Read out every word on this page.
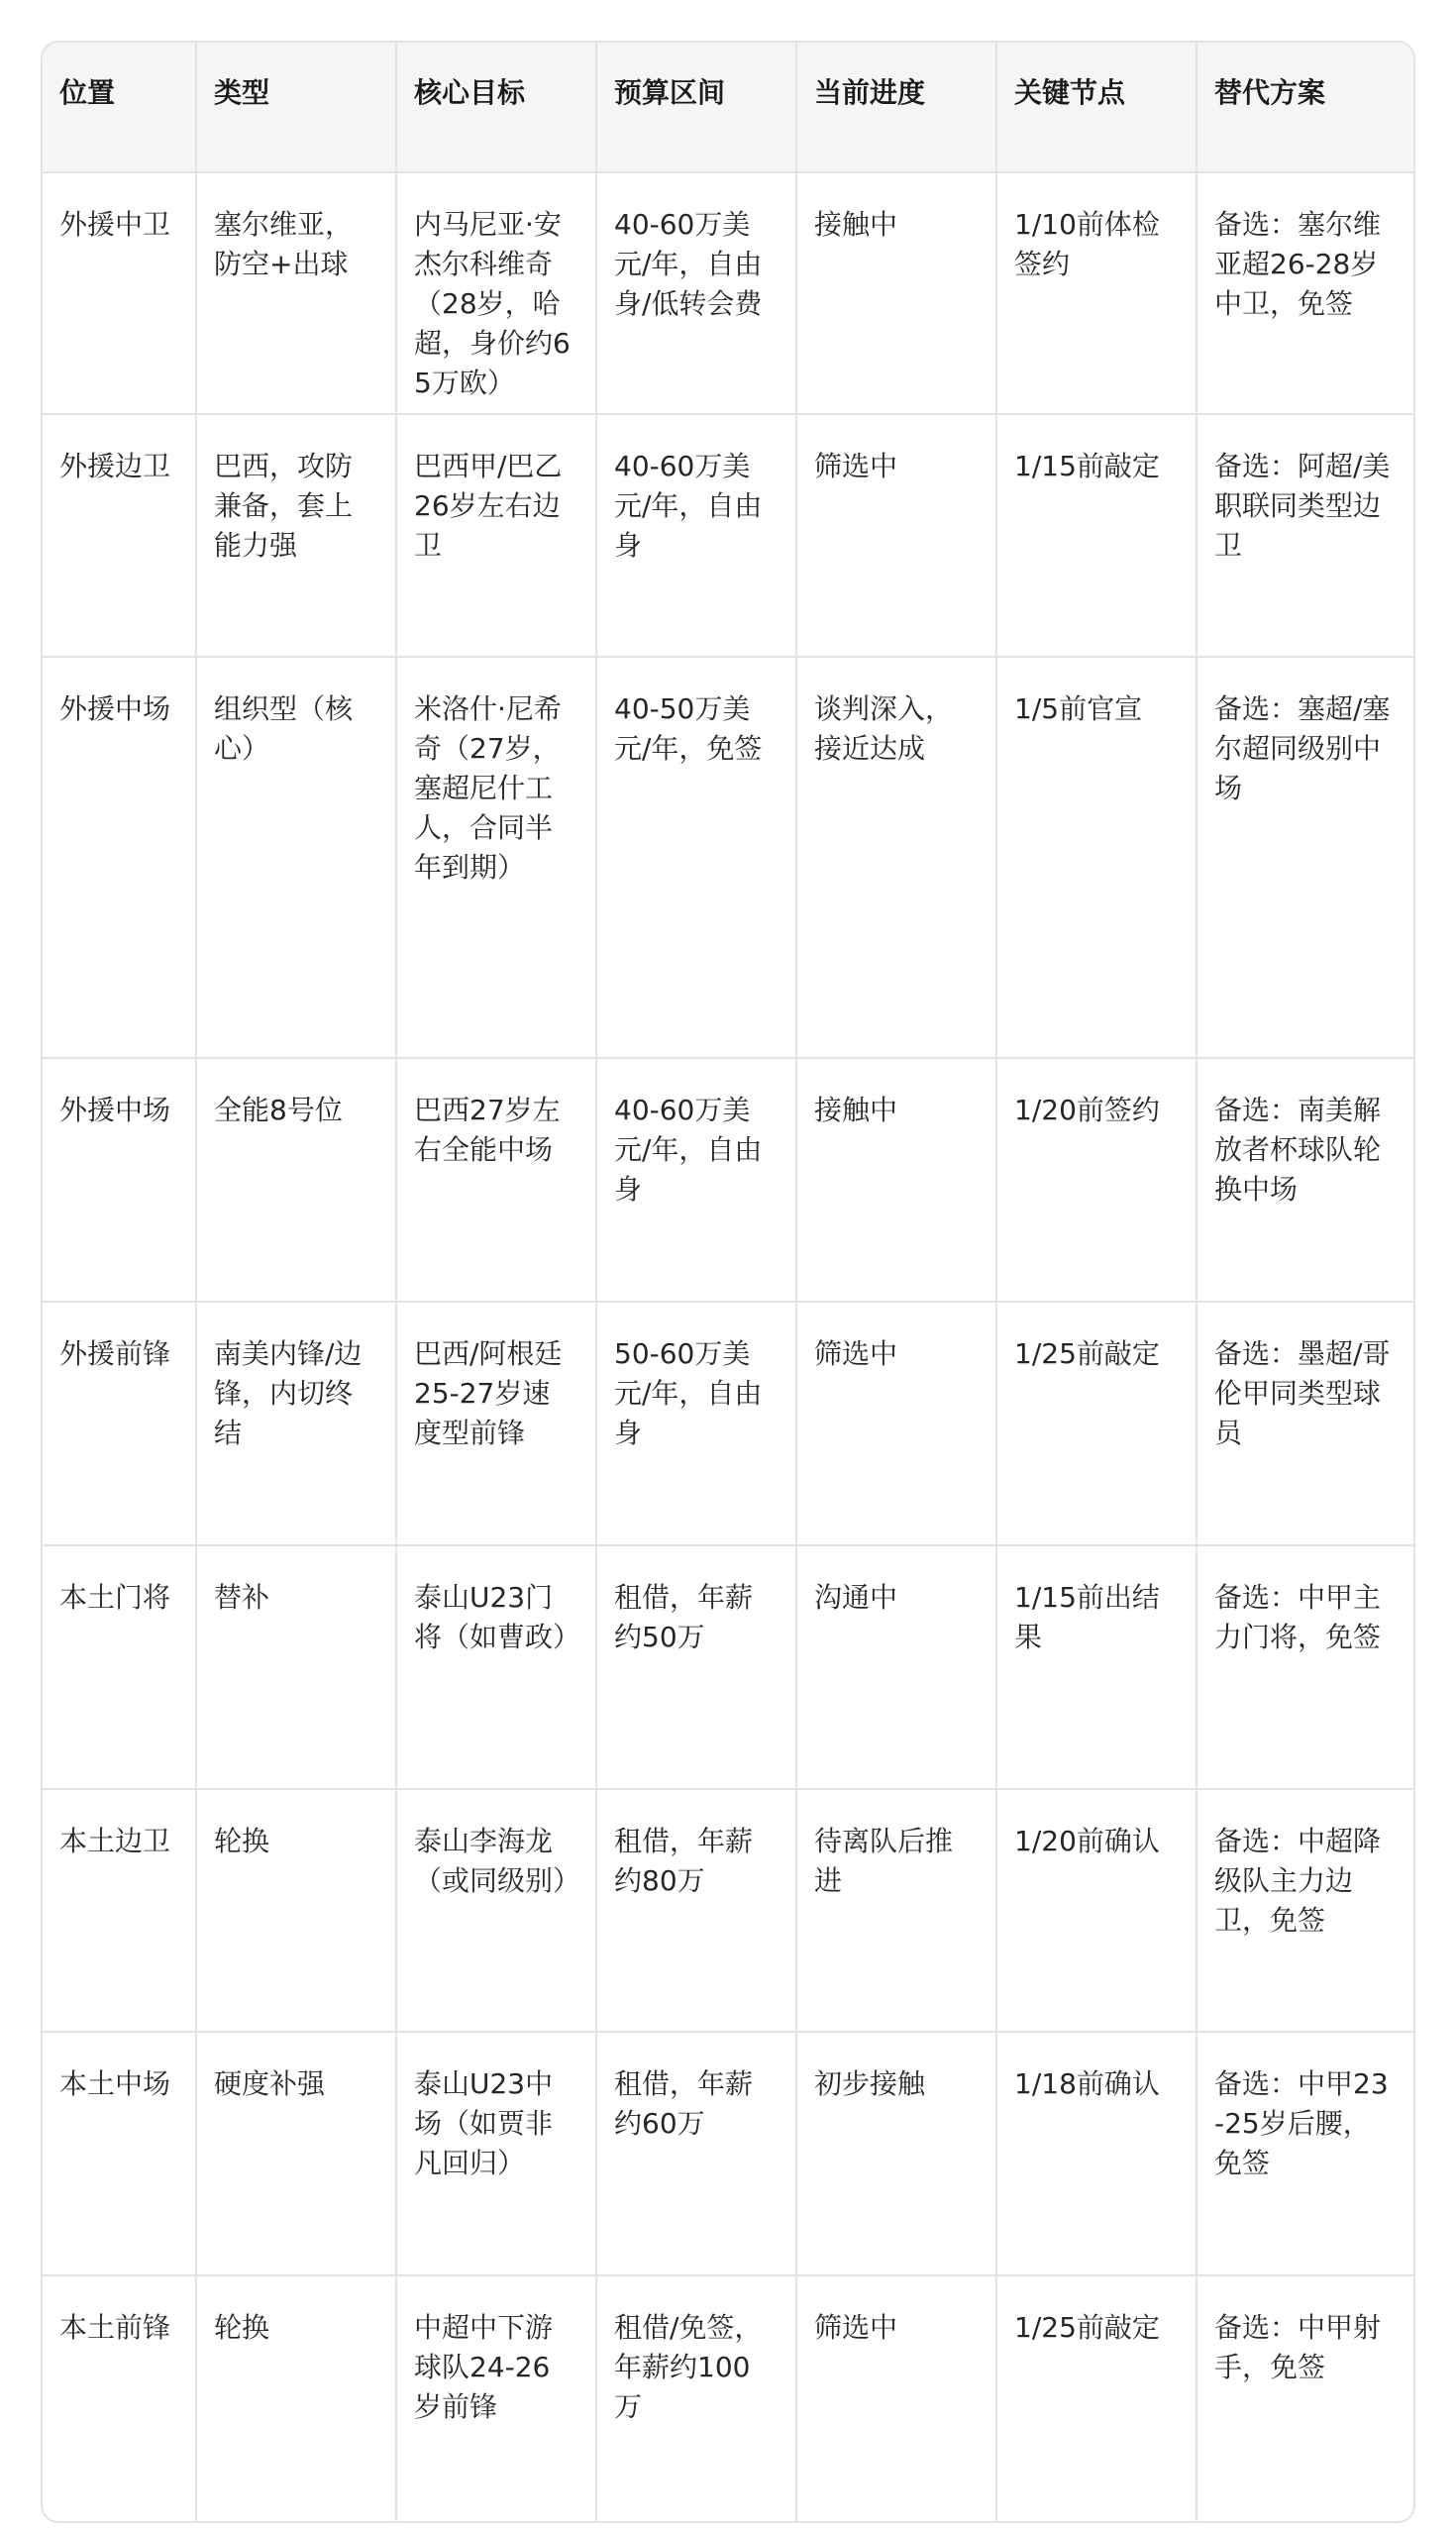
位置	类型	核心目标	预算区间	当前进度	关键节点	替代方案
外援中卫	塞尔维亚，防空+出球	内马尼亚·安杰尔科维奇（28岁，哈超，身价约65万欧）	40-60万美元/年，自由身/低转会费	接触中	1/10前体检签约	备选：塞尔维亚超26-28岁中卫，免签
外援边卫	巴西，攻防兼备，套上能力强	巴西甲/巴乙26岁左右边卫	40-60万美元/年，自由身	筛选中	1/15前敲定	备选：阿超/美职联同类型边卫
外援中场	组织型（核心）	米洛什·尼希奇（27岁，塞超尼什工人，合同半年到期）	40-50万美元/年，免签	谈判深入，接近达成	1/5前官宣	备选：塞超/塞尔超同级别中场
外援中场	全能8号位	巴西27岁左右全能中场	40-60万美元/年，自由身	接触中	1/20前签约	备选：南美解放者杯球队轮换中场
外援前锋	南美内锋/边锋，内切终结	巴西/阿根廷25-27岁速度型前锋	50-60万美元/年，自由身	筛选中	1/25前敲定	备选：墨超/哥伦甲同类型球员
本土门将	替补	泰山U23门将（如曹政）	租借，年薪约50万	沟通中	1/15前出结果	备选：中甲主力门将，免签
本土边卫	轮换	泰山李海龙（或同级别）	租借，年薪约80万	待离队后推进	1/20前确认	备选：中超降级队主力边卫，免签
本土中场	硬度补强	泰山U23中场（如贾非凡回归）	租借，年薪约60万	初步接触	1/18前确认	备选：中甲23-25岁后腰，免签
本土前锋	轮换	中超中下游球队24-26岁前锋	租借/免签，年薪约100万	筛选中	1/25前敲定	备选：中甲射手，免签
